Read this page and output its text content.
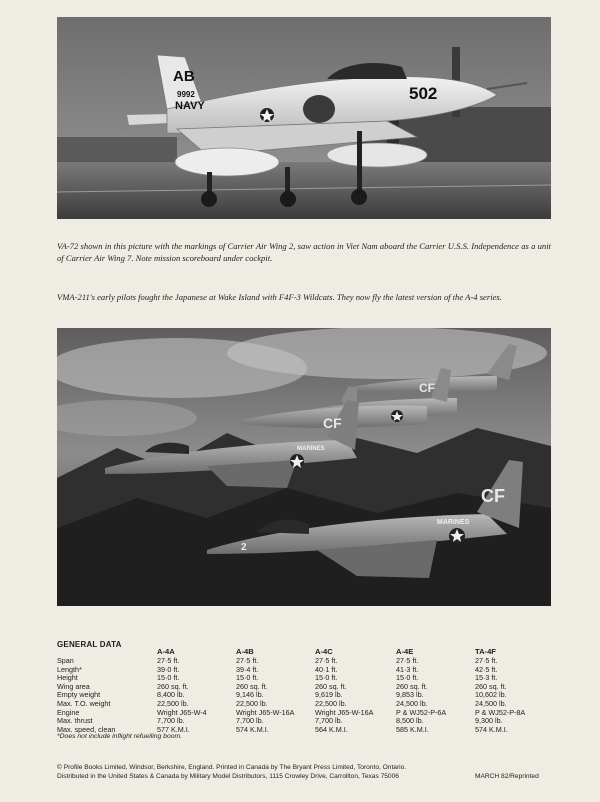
AB
9992
NAVY
502

VA-72 shown in this picture with the markings of Carrier Air Wing 2, saw action in Viet Nam aboard the Carrier U.S.S. Independence as a unit of Carrier Air Wing 7. Note mission scoreboard under cockpit.

VMA-211's early pilots fought the Japanese at Wake Island with F4F-3 Wildcats. They now fly the latest version of the A-4 series.

CF
CF
MARINES
CF
MARINES
2

GENERAL DATA

Span
Length*
Height
Wing area
Empty weight
Max. T.O. weight
Engine
Max. thrust
Max. speed, clean
A-4A
27·5 ft.
39·0 ft.
15·0 ft.
260 sq. ft.
8,400 lb.
22,500 lb.
Wright J65-W-4
7,700 lb.
577 K.M.I.
A-4B
27·5 ft.
39·4 ft.
15·0 ft.
260 sq. ft.
9,146 lb.
22,500 lb.
Wright J65-W-16A
7,700 lb.
574 K.M.I.
A-4C
27·5 ft.
40·1 ft.
15·0 ft.
260 sq. ft.
9,619 lb.
22,500 lb.
Wright J65-W-16A
7,700 lb.
564 K.M.I.
A-4E
27·5 ft.
41·3 ft.
15·0 ft.
260 sq. ft.
9,853 lb.
24,500 lb.
P & WJ52-P-6A
8,500 lb.
585 K.M.I.
TA-4F
27·5 ft.
42·5 ft.
15·3 ft.
260 sq. ft.
10,602 lb.
24,500 lb.
P & WJ52-P-8A
9,300 lb.
574 K.M.I.

*Does not include inflight refuelling boom.

© Profile Books Limited, Windsor, Berkshire, England. Printed in Canada by The Bryant Press Limited, Toronto, Ontario.

Distributed in the United States & Canada by Military Model Distributors, 1115 Crowley Drive, Carrollton, Texas 75006	MARCH 82/Reprinted
